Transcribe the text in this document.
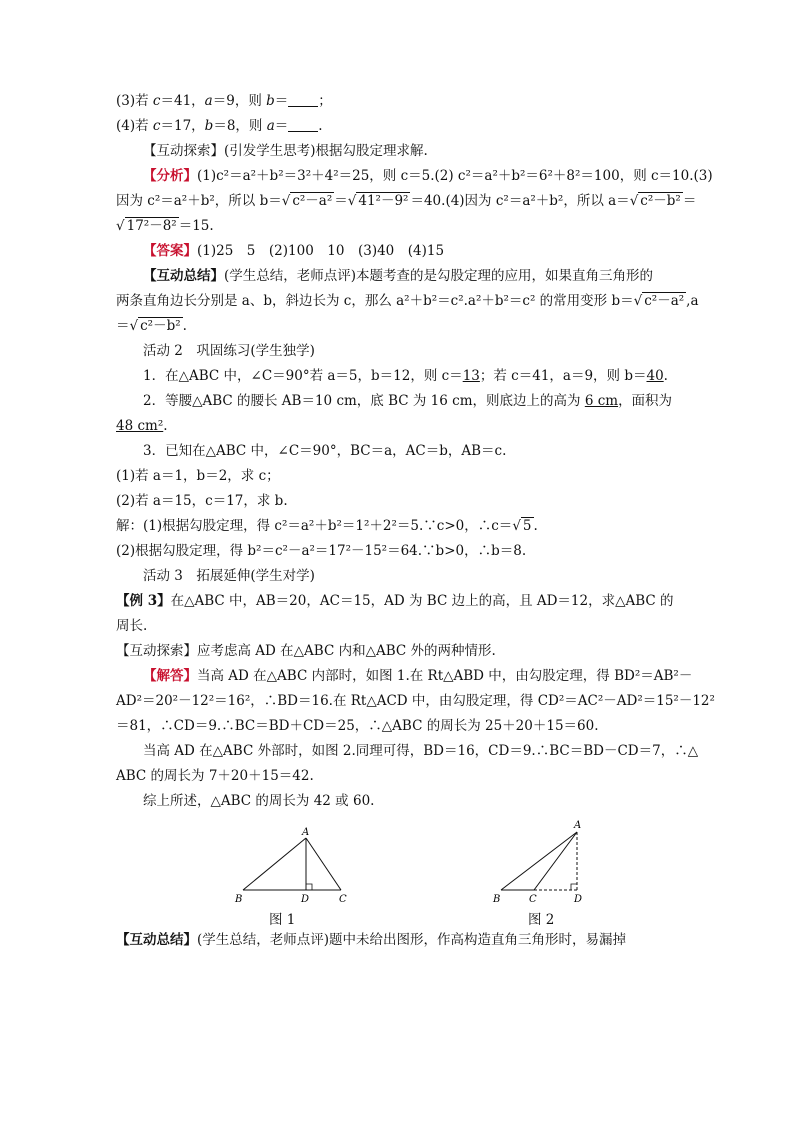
(3)若 c＝41，a＝9，则 b＝ ；
(4)若 c＝17，b＝8，则 a＝ .
【互动探索】(引发学生思考)根据勾股定理求解.
【分析】(1)c²＝a²＋b²＝3²＋4²＝25，则 c＝5.(2) c²＝a²＋b²＝6²＋8²＝100，则 c＝10.(3)
因为 c²＝a²＋b²，所以 b＝√ c²－a² ＝√ 41²－9² ＝40.(4)因为 c²＝a²＋b²，所以 a＝√ c²－b² ＝
√ 17²－8² ＝15.
【答案】(1)25　5　(2)100　10　(3)40　(4)15
【互动总结】(学生总结，老师点评)本题考查的是勾股定理的应用，如果直角三角形的
两条直角边长分别是 a、b，斜边长为 c，那么 a²＋b²＝c².a²＋b²＝c² 的常用变形 b＝√ c²－a² ,a
＝√ c²－b² .
活动 2　巩固练习(学生独学)
1．在△ABC 中，∠C＝90°若 a＝5，b＝12，则 c＝13；若 c＝41，a＝9，则 b＝40.
2．等腰△ABC 的腰长 AB＝10 cm，底 BC 为 16 cm，则底边上的高为 6 cm，面积为
48 cm².
3．已知在△ABC 中，∠C＝90°，BC＝a，AC＝b，AB＝c.
(1)若 a＝1，b＝2，求 c；
(2)若 a＝15，c＝17，求 b.
解：(1)根据勾股定理，得 c²＝a²＋b²＝1²＋2²＝5.∵c>0，∴c＝√ 5 .
(2)根据勾股定理，得 b²＝c²－a²＝17²－15²＝64.∵b>0，∴b＝8.
活动 3　拓展延伸(学生对学)
【例 3】在△ABC 中，AB＝20，AC＝15，AD 为 BC 边上的高，且 AD＝12，求△ABC 的
周长.
【互动探索】应考虑高 AD 在△ABC 内和△ABC 外的两种情形.
【解答】当高 AD 在△ABC 内部时，如图 1.在 Rt△ABD 中，由勾股定理，得 BD²＝AB²－
AD²＝20²－12²＝16²，∴BD＝16.在 Rt△ACD 中，由勾股定理，得 CD²＝AC²－AD²＝15²－12²
＝81，∴CD＝9.∴BC＝BD＋CD＝25，∴△ABC 的周长为 25＋20＋15＝60.
当高 AD 在△ABC 外部时，如图 2.同理可得，BD＝16，CD＝9.∴BC＝BD－CD＝7，∴△
ABC 的周长为 7＋20＋15＝42.
综上所述，△ABC 的周长为 42 或 60.
A
B	D	C
图 1
A
B	C	D
图 2
【互动总结】(学生总结，老师点评)题中未给出图形，作高构造直角三角形时，易漏掉
